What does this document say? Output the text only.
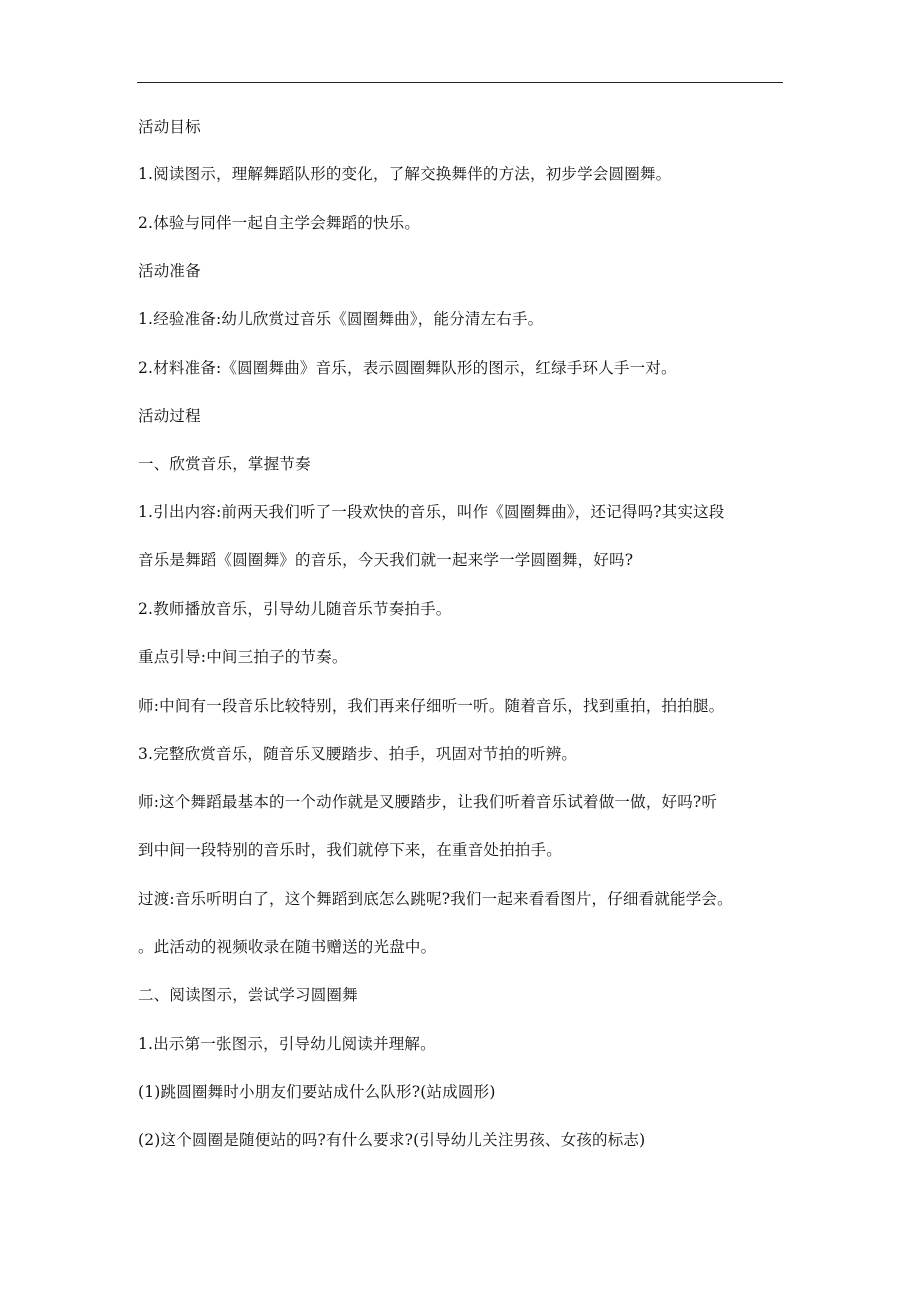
活动目标
1.阅读图示，理解舞蹈队形的变化，了解交换舞伴的方法，初步学会圆圈舞。
2.体验与同伴一起自主学会舞蹈的快乐。
活动准备
1.经验准备:幼儿欣赏过音乐《圆圈舞曲》，能分清左右手。
2.材料准备:《圆圈舞曲》音乐，表示圆圈舞队形的图示，红绿手环人手一对。
活动过程
一、欣赏音乐，掌握节奏
1.引出内容:前两天我们听了一段欢快的音乐，叫作《圆圈舞曲》，还记得吗?其实这段
音乐是舞蹈《圆圈舞》的音乐，今天我们就一起来学一学圆圈舞，好吗?
2.教师播放音乐，引导幼儿随音乐节奏拍手。
重点引导:中间三拍子的节奏。
师:中间有一段音乐比较特别，我们再来仔细听一听。随着音乐，找到重拍，拍拍腿。
3.完整欣赏音乐，随音乐叉腰踏步、拍手，巩固对节拍的听辨。
师:这个舞蹈最基本的一个动作就是叉腰踏步，让我们听着音乐试着做一做，好吗?听
到中间一段特别的音乐时，我们就停下来，在重音处拍拍手。
过渡:音乐听明白了，这个舞蹈到底怎么跳呢?我们一起来看看图片，仔细看就能学会。
。此活动的视频收录在随书赠送的光盘中。
二、阅读图示，尝试学习圆圈舞
1.出示第一张图示，引导幼儿阅读并理解。
(1)跳圆圈舞时小朋友们要站成什么队形?(站成圆形)
(2)这个圆圈是随便站的吗?有什么要求?(引导幼儿关注男孩、女孩的标志)
